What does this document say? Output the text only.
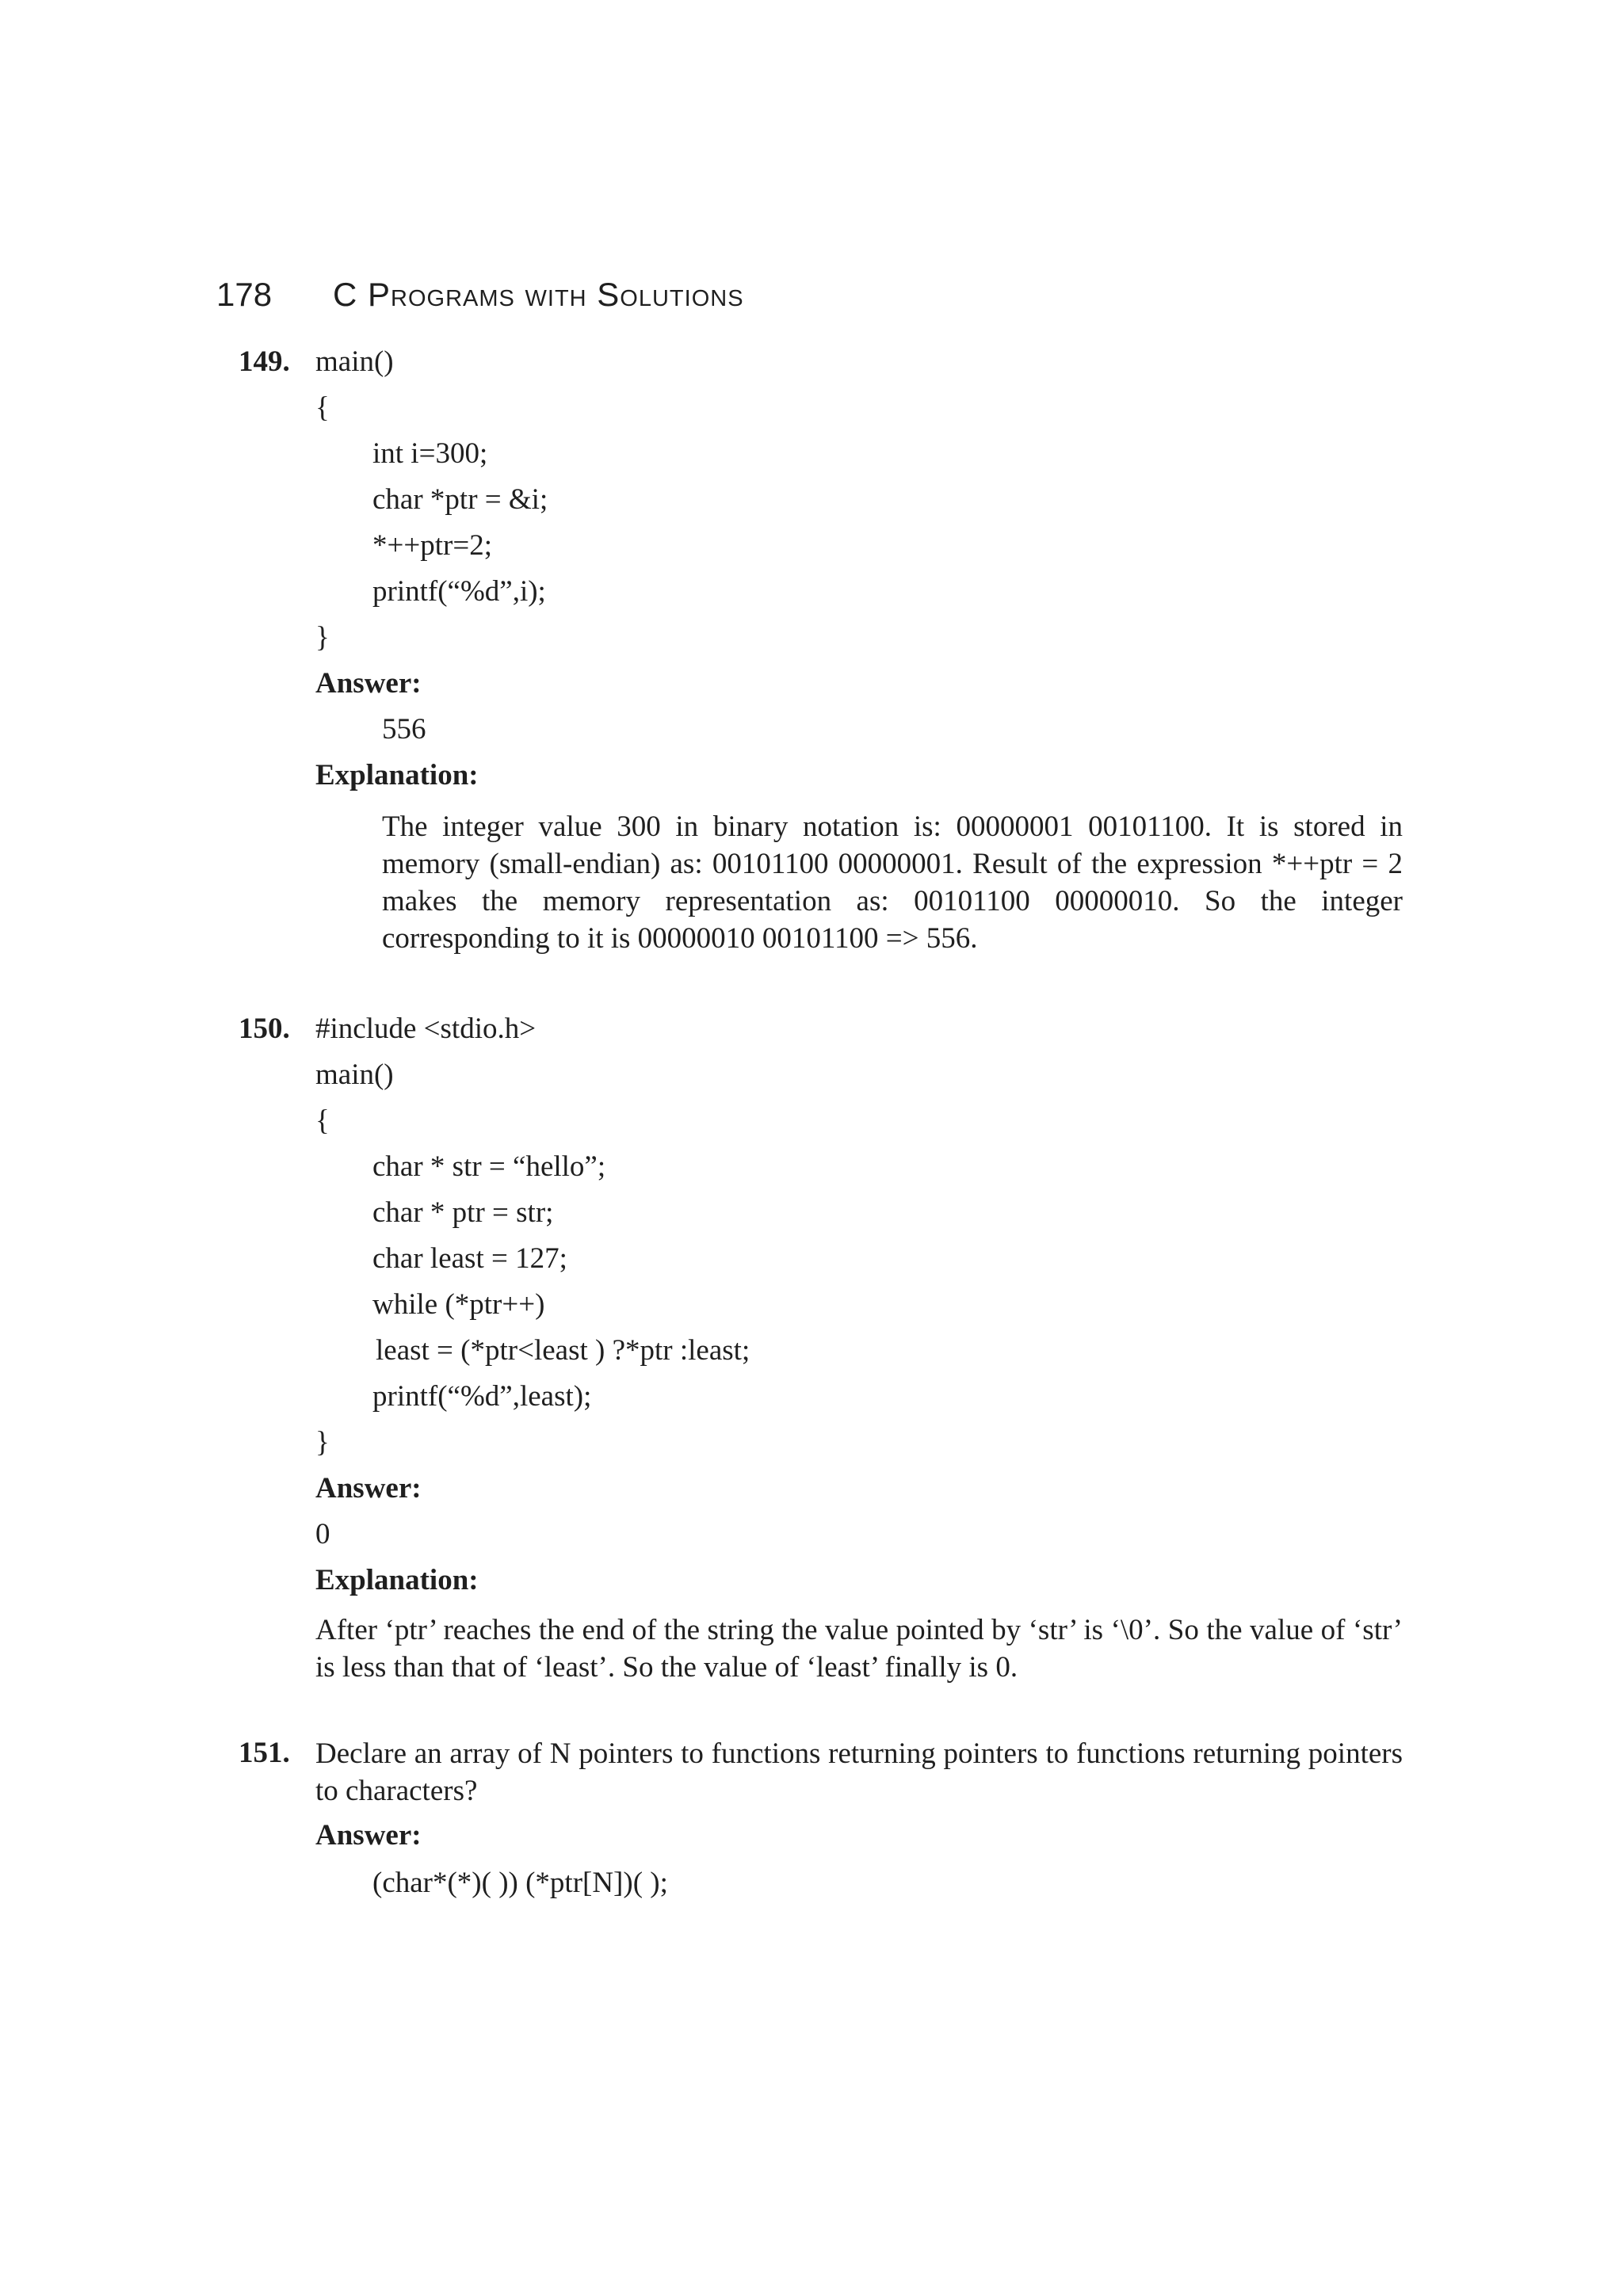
178 C Programs with Solutions
149. main()
{
int i=300;
char *ptr = &i;
*++ptr=2;
printf(“%d”,i);
}
Answer:
556
Explanation:
The integer value 300 in binary notation is: 00000001 00101100. It is stored in memory (small-endian) as: 00101100 00000001. Result of the expression *++ptr = 2 makes the memory representation as: 00101100 00000010. So the integer corresponding to it is 00000010 00101100 => 556.
150. #include <stdio.h>
main()
{
char * str = “hello”;
char * ptr = str;
char least = 127;
while (*ptr++)
least = (*ptr<least ) ?*ptr :least;
printf(“%d”,least);
}
Answer:
0
Explanation:
After ‘ptr’ reaches the end of the string the value pointed by ‘str’ is ‘\0’. So the value of ‘str’ is less than that of ‘least’. So the value of ‘least’ finally is 0.
151. Declare an array of N pointers to functions returning pointers to functions returning pointers to characters?
Answer:
(char*(*)( )) (*ptr[N])( );
